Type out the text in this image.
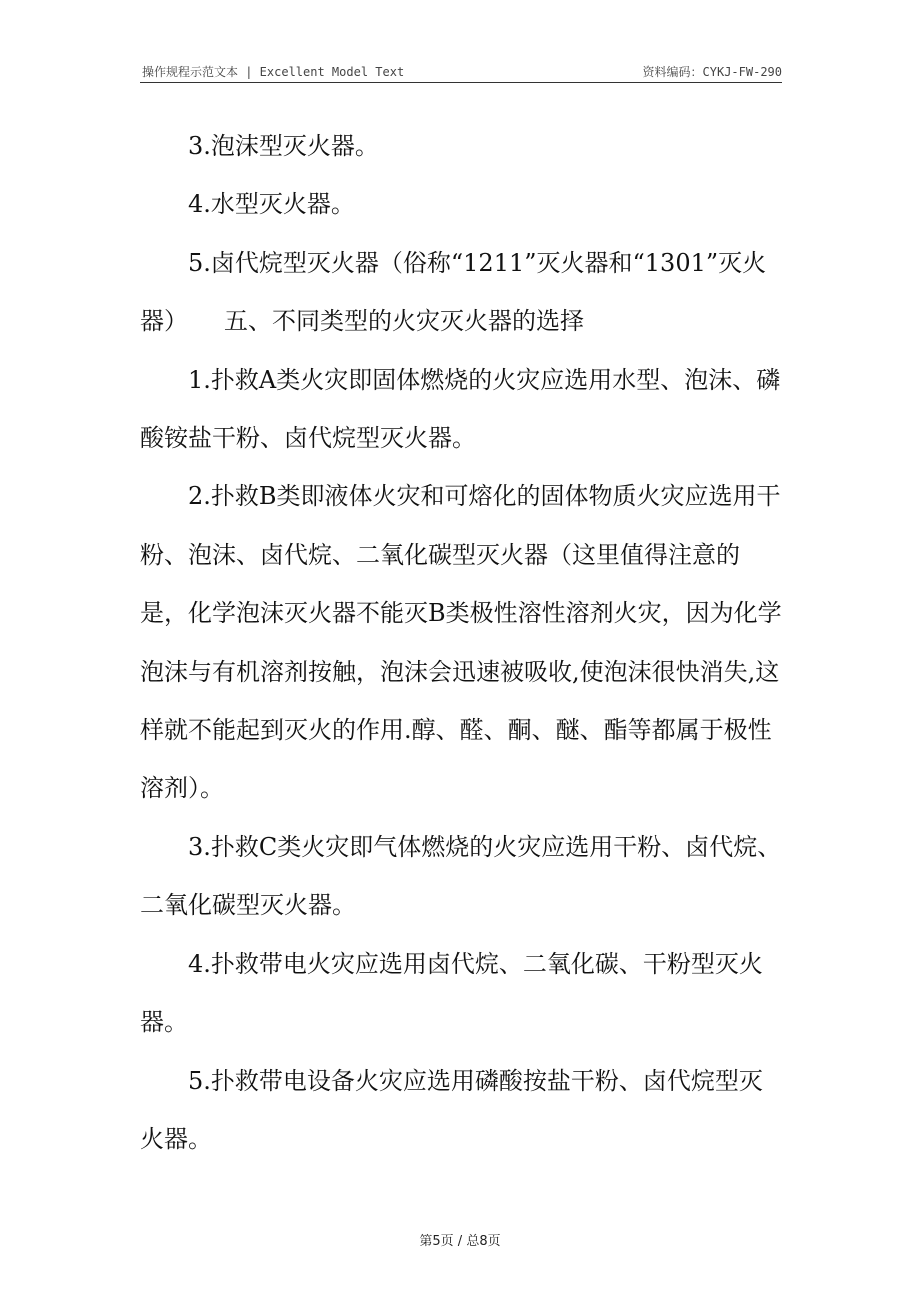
操作规程示范文本 | Excellent Model Text	资料编码：CYKJ-FW-290

3.泡沫型灭火器。

4.水型灭火器。

5.卤代烷型灭火器（俗称“1211”灭火器和“1301”灭火器）　　五、不同类型的火灾灭火器的选择

1.扑救A类火灾即固体燃烧的火灾应选用水型、泡沫、磷酸铵盐干粉、卤代烷型灭火器。

2.扑救B类即液体火灾和可熔化的固体物质火灾应选用干粉、泡沫、卤代烷、二氧化碳型灭火器（这里值得注意的是，化学泡沫灭火器不能灭B类极性溶性溶剂火灾，因为化学泡沫与有机溶剂按触，泡沫会迅速被吸收,使泡沫很快消失,这样就不能起到灭火的作用.醇、醛、酮、醚、酯等都属于极性溶剂）。

3.扑救C类火灾即气体燃烧的火灾应选用干粉、卤代烷、二氧化碳型灭火器。

4.扑救带电火灾应选用卤代烷、二氧化碳、干粉型灭火器。

5.扑救带电设备火灾应选用磷酸按盐干粉、卤代烷型灭火器。

第5页 / 总8页
